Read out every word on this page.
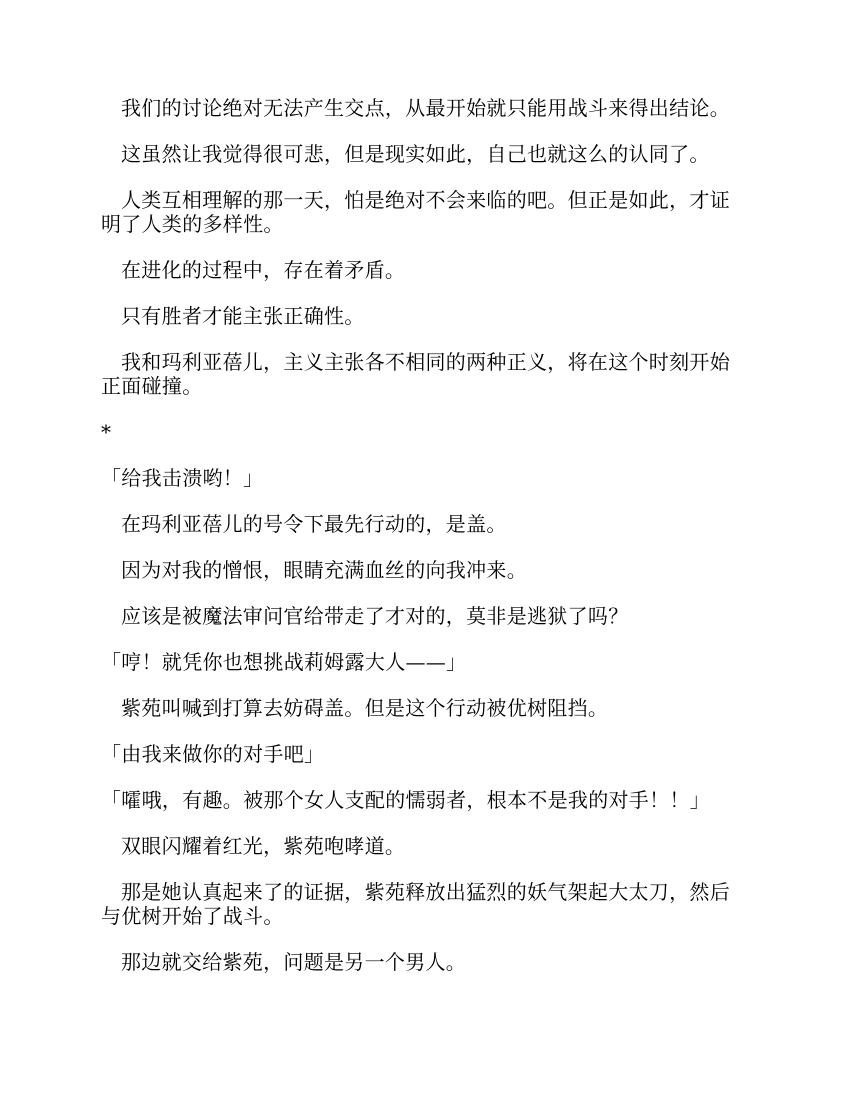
我们的讨论绝对无法产生交点，从最开始就只能用战斗来得出结论。

这虽然让我觉得很可悲，但是现实如此，自己也就这么的认同了。

人类互相理解的那一天，怕是绝对不会来临的吧。但正是如此，才证明了人类的多样性。

在进化的过程中，存在着矛盾。

只有胜者才能主张正确性。

我和玛利亚蓓儿，主义主张各不相同的两种正义，将在这个时刻开始正面碰撞。

*

「给我击溃哟！」

在玛利亚蓓儿的号令下最先行动的，是盖。

因为对我的憎恨，眼睛充满血丝的向我冲来。

应该是被魔法审问官给带走了才对的，莫非是逃狱了吗？

「哼！就凭你也想挑战莉姆露大人——」

紫苑叫喊到打算去妨碍盖。但是这个行动被优树阻挡。

「由我来做你的对手吧」

「嚯哦，有趣。被那个女人支配的懦弱者，根本不是我的对手！！」

双眼闪耀着红光，紫苑咆哮道。

那是她认真起来了的证据，紫苑释放出猛烈的妖气架起大太刀，然后与优树开始了战斗。

那边就交给紫苑，问题是另一个男人。
